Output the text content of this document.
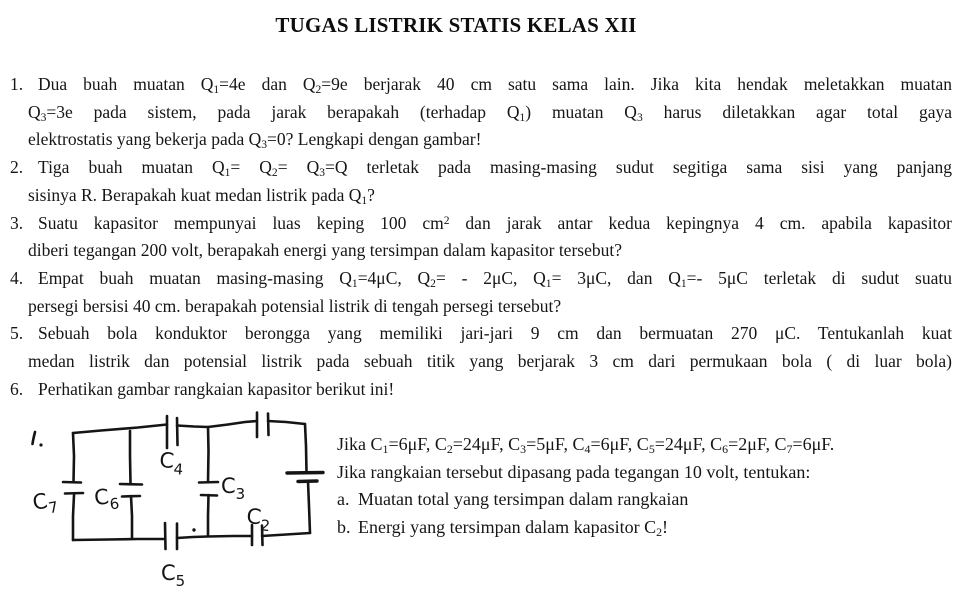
TUGAS LISTRIK STATIS KELAS XII
1. Dua buah muatan $Q_1=4e$ dan $Q_2=9e$ berjarak 40 cm satu sama lain. Jika kita hendak meletakkan muatan
$Q_3=3e$ pada sistem, pada jarak berapakah (terhadap $Q_1$) muatan $Q_3$ harus diletakkan agar total gaya
elektrostatis yang bekerja pada $Q_3=0$? Lengkapi dengan gambar!
2. Tiga buah muatan $Q_1= Q_2= Q_3=Q$ terletak pada masing-masing sudut segitiga sama sisi yang panjang
sisinya R. Berapakah kuat medan listrik pada $Q_1$?
3. Suatu kapasitor mempunyai luas keping 100 $cm^2$ dan jarak antar kedua kepingnya 4 cm. apabila kapasitor
diberi tegangan 200 volt, berapakah energi yang tersimpan dalam kapasitor tersebut?
4. Empat buah muatan masing-masing $Q_1=4\mu C$, $Q_2= - 2\mu C$, $Q_1= 3\mu C$, dan $Q_1=-$ 5μC terletak di sudut suatu
persegi bersisi 40 cm. berapakah potensial listrik di tengah persegi tersebut?
5. Sebuah bola konduktor berongga yang memiliki jari-jari 9 cm dan bermuatan 270 μC. Tentukanlah kuat
medan listrik dan potensial listrik pada sebuah titik yang berjarak 3 cm dari permukaan bola ( di luar bola)
6. Perhatikan gambar rangkaian kapasitor berikut ini!
$C_7$ $C_6$
$C_4$
$C_3$
$C_2$
$C_5$
Jika $C_1=6\mu F$, $C_2=24\mu F$, $C_3=5\mu F$, $C_4=6\mu F$, $C_5=24\mu F$, $C_6=2\mu F$, $C_7=6\mu F$.
Jika rangkaian tersebut dipasang pada tegangan 10 volt, tentukan:
a. Muatan total yang tersimpan dalam rangkaian
b. Energi yang tersimpan dalam kapasitor $C_2$!
